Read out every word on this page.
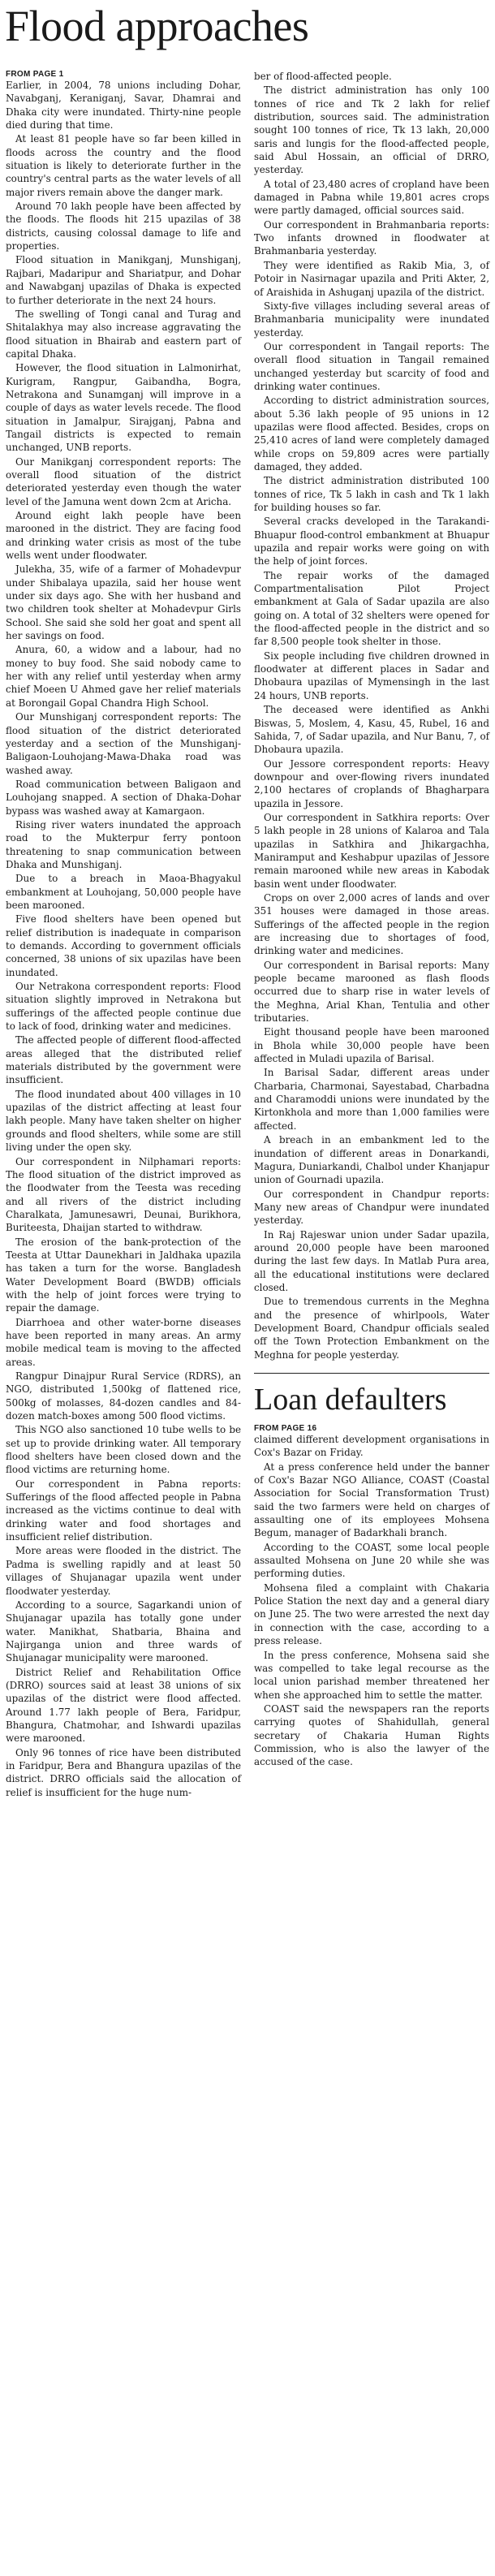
Flood approaches
FROM PAGE 1

Earlier, in 2004, 78 unions including Dohar, Navabganj, Keraniganj, Savar, Dhamrai and Dhaka city were inundated. Thirty-nine people died during that time.

At least 81 people have so far been killed in floods across the country and the flood situation is likely to deteriorate further in the country's central parts as the water levels of all major rivers remain above the danger mark.

Around 70 lakh people have been affected by the floods. The floods hit 215 upazilas of 38 districts, causing colossal damage to life and properties.

Flood situation in Manikganj, Munshiganj, Rajbari, Madaripur and Shariatpur, and Dohar and Nawabganj upazilas of Dhaka is expected to further deteriorate in the next 24 hours.

The swelling of Tongi canal and Turag and Shitalakhya may also increase aggravating the flood situation in Bhairab and eastern part of capital Dhaka.

However, the flood situation in Lalmonirhat, Kurigram, Rangpur, Gaibandha, Bogra, Netrakona and Sunamganj will improve in a couple of days as water levels recede. The flood situation in Jamalpur, Sirajganj, Pabna and Tangail districts is expected to remain unchanged, UNB reports.

Our Manikganj correspondent reports: The overall flood situation of the district deteriorated yesterday even though the water level of the Jamuna went down 2cm at Aricha.

Around eight lakh people have been marooned in the district. They are facing food and drinking water crisis as most of the tube wells went under floodwater.

Julekha, 35, wife of a farmer of Mohadevpur under Shibalaya upazila, said her house went under six days ago. She with her husband and two children took shelter at Mohadevpur Girls School. She said she sold her goat and spent all her savings on food.

Anura, 60, a widow and a labour, had no money to buy food. She said nobody came to her with any relief until yesterday when army chief Moeen U Ahmed gave her relief materials at Borongail Gopal Chandra High School.

Our Munshiganj correspondent reports: The flood situation of the district deteriorated yesterday and a section of the Munshiganj-Baligaon-Louhojang-Mawa-Dhaka road was washed away.

Road communication between Baligaon and Louhojang snapped. A section of Dhaka-Dohar bypass was washed away at Kamargaon.

Rising river waters inundated the approach road to the Mukterpur ferry pontoon threatening to snap communication between Dhaka and Munshiganj.

Due to a breach in Maoa-Bhagyakul embankment at Louhojang, 50,000 people have been marooned.

Five flood shelters have been opened but relief distribution is inadequate in comparison to demands. According to government officials concerned, 38 unions of six upazilas have been inundated.

Our Netrakona correspondent reports: Flood situation slightly improved in Netrakona but sufferings of the affected people continue due to lack of food, drinking water and medicines.

The affected people of different flood-affected areas alleged that the distributed relief materials distributed by the government were insufficient.

The flood inundated about 400 villages in 10 upazilas of the district affecting at least four lakh people. Many have taken shelter on higher grounds and flood shelters, while some are still living under the open sky.

Our correspondent in Nilphamari reports: The flood situation of the district improved as the floodwater from the Teesta was receding and all rivers of the district including Charalkata, Jamunesawri, Deunai, Burikhora, Buriteesta, Dhaijan started to withdraw.

The erosion of the bank-protection of the Teesta at Uttar Daunekhari in Jaldhaka upazila has taken a turn for the worse. Bangladesh Water Development Board (BWDB) officials with the help of joint forces were trying to repair the damage.

Diarrhoea and other water-borne diseases have been reported in many areas. An army mobile medical team is moving to the affected areas.

Rangpur Dinajpur Rural Service (RDRS), an NGO, distributed 1,500kg of flattened rice, 500kg of molasses, 84-dozen candles and 84-dozen match-boxes among 500 flood victims.

This NGO also sanctioned 10 tube wells to be set up to provide drinking water. All temporary flood shelters have been closed down and the flood victims are returning home.

Our correspondent in Pabna reports: Sufferings of the flood affected people in Pabna increased as the victims continue to deal with drinking water and food shortages and insufficient relief distribution.

More areas were flooded in the district. The Padma is swelling rapidly and at least 50 villages of Shujanagar upazila went under floodwater yesterday.

According to a source, Sagarkandi union of Shujanagar upazila has totally gone under water. Manikhat, Shatbaria, Bhaina and Najirganga union and three wards of Shujanagar municipality were marooned.

District Relief and Rehabilitation Office (DRRO) sources said at least 38 unions of six upazilas of the district were flood affected. Around 1.77 lakh people of Bera, Faridpur, Bhangura, Chatmohar, and Ishwardi upazilas were marooned.

Only 96 tonnes of rice have been distributed in Faridpur, Bera and Bhangura upazilas of the district. DRRO officials said the allocation of relief is insufficient for the huge num-

ber of flood-affected people.

The district administration has only 100 tonnes of rice and Tk 2 lakh for relief distribution, sources said. The administration sought 100 tonnes of rice, Tk 13 lakh, 20,000 saris and lungis for the flood-affected people, said Abul Hossain, an official of DRRO, yesterday.

A total of 23,480 acres of cropland have been damaged in Pabna while 19,801 acres crops were partly damaged, official sources said.

Our correspondent in Brahmanbaria reports: Two infants drowned in floodwater at Brahmanbaria yesterday.

They were identified as Rakib Mia, 3, of Potoir in Nasirnagar upazila and Priti Akter, 2, of Araishida in Ashuganj upazila of the district.

Sixty-five villages including several areas of Brahmanbaria municipality were inundated yesterday.

Our correspondent in Tangail reports: The overall flood situation in Tangail remained unchanged yesterday but scarcity of food and drinking water continues.

According to district administration sources, about 5.36 lakh people of 95 unions in 12 upazilas were flood affected. Besides, crops on 25,410 acres of land were completely damaged while crops on 59,809 acres were partially damaged, they added.

The district administration distributed 100 tonnes of rice, Tk 5 lakh in cash and Tk 1 lakh for building houses so far.

Several cracks developed in the Tarakandi-Bhuapur flood-control embankment at Bhuapur upazila and repair works were going on with the help of joint forces.

The repair works of the damaged Compartmentalisation Pilot Project embankment at Gala of Sadar upazila are also going on. A total of 32 shelters were opened for the flood-affected people in the district and so far 8,500 people took shelter in those.

Six people including five children drowned in floodwater at different places in Sadar and Dhobaura upazilas of Mymensingh in the last 24 hours, UNB reports.

The deceased were identified as Ankhi Biswas, 5, Moslem, 4, Kasu, 45, Rubel, 16 and Sahida, 7, of Sadar upazila, and Nur Banu, 7, of Dhobaura upazila.

Our Jessore correspondent reports: Heavy downpour and over-flowing rivers inundated 2,100 hectares of croplands of Bhagharpara upazila in Jessore.

Our correspondent in Satkhira reports: Over 5 lakh people in 28 unions of Kalaroa and Tala upazilas in Satkhira and Jhikargachha, Maniramput and Keshabpur upazilas of Jessore remain marooned while new areas in Kabodak basin went under floodwater.

Crops on over 2,000 acres of lands and over 351 houses were damaged in those areas. Sufferings of the affected people in the region are increasing due to shortages of food, drinking water and medicines.

Our correspondent in Barisal reports: Many people became marooned as flash floods occurred due to sharp rise in water levels of the Meghna, Arial Khan, Tentulia and other tributaries.

Eight thousand people have been marooned in Bhola while 30,000 people have been affected in Muladi upazila of Barisal.

In Barisal Sadar, different areas under Charbaria, Charmonai, Sayestabad, Charbadna and Charamoddi unions were inundated by the Kirtonkhola and more than 1,000 families were affected.

A breach in an embankment led to the inundation of different areas in Donarkandi, Magura, Duniarkandi, Chalbol under Khanjapur union of Gournadi upazila.

Our correspondent in Chandpur reports: Many new areas of Chandpur were inundated yesterday.

In Raj Rajeswar union under Sadar upazila, around 20,000 people have been marooned during the last few days. In Matlab Pura area, all the educational institutions were declared closed.

Due to tremendous currents in the Meghna and the presence of whirlpools, Water Development Board, Chandpur officials sealed off the Town Protection Embankment on the Meghna for people yesterday.

Loan defaulters
FROM PAGE 16

claimed different development organisations in Cox's Bazar on Friday.

At a press conference held under the banner of Cox's Bazar NGO Alliance, COAST (Coastal Association for Social Transformation Trust) said the two farmers were held on charges of assaulting one of its employees Mohsena Begum, manager of Badarkhali branch.

According to the COAST, some local people assaulted Mohsena on June 20 while she was performing duties.

Mohsena filed a complaint with Chakaria Police Station the next day and a general diary on June 25. The two were arrested the next day in connection with the case, according to a press release.

In the press conference, Mohsena said she was compelled to take legal recourse as the local union parishad member threatened her when she approached him to settle the matter.

COAST said the newspapers ran the reports carrying quotes of Shahidullah, general secretary of Chakaria Human Rights Commission, who is also the lawyer of the accused of the case.
